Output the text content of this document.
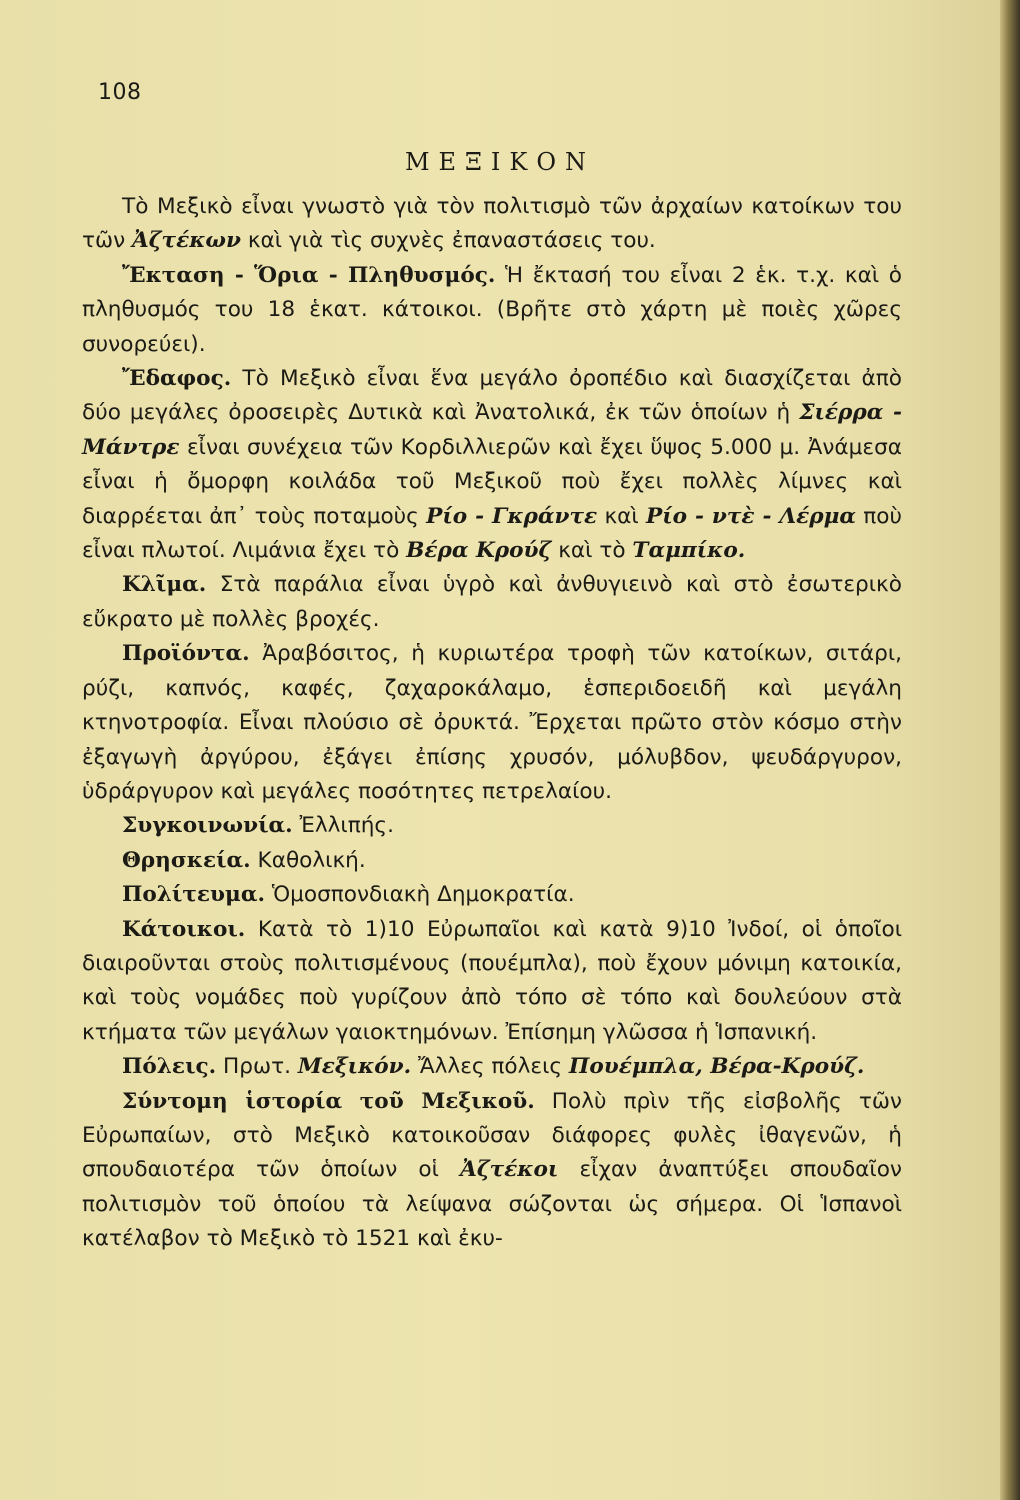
108
ΜΕΞΙΚΟΝ

Τὸ Μεξικὸ εἶναι γνωστὸ γιὰ τὸν πολιτισμὸ τῶν ἀρχαίων κατοίκων του τῶν Ἀζτέκων καὶ γιὰ τὶς συχνὲς ἐπαναστάσεις του.

Ἔκταση - Ὅρια - Πληθυσμός. Ἡ ἔκτασή του εἶναι 2 ἑκ. τ.χ. καὶ ὁ πληθυσμός του 18 ἑκατ. κάτοικοι. (Βρῆτε στὸ χάρτη μὲ ποιὲς χῶρες συνορεύει).

Ἔδαφος. Τὸ Μεξικὸ εἶναι ἕνα μεγάλο ὀροπέδιο καὶ διασχίζεται ἀπὸ δύο μεγάλες ὀροσειρὲς Δυτικὰ καὶ Ἀνατολικά, ἐκ τῶν ὁποίων ἡ Σιέρρα - Μάντρε εἶναι συνέχεια τῶν Κορδιλλιερῶν καὶ ἔχει ὕψος 5.000 μ. Ἀνάμεσα εἶναι ἡ ὄμορφη κοιλάδα τοῦ Μεξικοῦ ποὺ ἔχει πολλὲς λίμνες καὶ διαρρέεται ἀπ᾽ τοὺς ποταμοὺς Ρίο - Γκράντε καὶ Ρίο - ντὲ - Λέρμα ποὺ εἶναι πλωτοί. Λιμάνια ἔχει τὸ Βέρα Κρούζ καὶ τὸ Ταμπίκο.

Κλῖμα. Στὰ παράλια εἶναι ὑγρὸ καὶ ἀνθυγιεινὸ καὶ στὸ ἐσωτερικὸ εὔκρατο μὲ πολλὲς βροχές.

Προϊόντα. Ἀραβόσιτος, ἡ κυριωτέρα τροφὴ τῶν κατοίκων, σιτάρι, ρύζι, καπνός, καφές, ζαχαροκάλαμο, ἑσπεριδοειδῆ καὶ μεγάλη κτηνοτροφία. Εἶναι πλούσιο σὲ ὀρυκτά. Ἔρχεται πρῶτο στὸν κόσμο στὴν ἐξαγωγὴ ἀργύρου, ἐξάγει ἐπίσης χρυσόν, μόλυβδον, ψευδάργυρον, ὑδράργυρον καὶ μεγάλες ποσότητες πετρελαίου.

Συγκοινωνία. Ἐλλιπής.

Θρησκεία. Καθολική.

Πολίτευμα. Ὁμοσπονδιακὴ Δημοκρατία.

Κάτοικοι. Κατὰ τὸ 1)10 Εὐρωπαῖοι καὶ κατὰ 9)10 Ἰνδοί, οἱ ὁποῖοι διαιροῦνται στοὺς πολιτισμένους (πουέμπλα), ποὺ ἔχουν μόνιμη κατοικία, καὶ τοὺς νομάδες ποὺ γυρίζουν ἀπὸ τόπο σὲ τόπο καὶ δουλεύουν στὰ κτήματα τῶν μεγάλων γαιοκτημόνων. Ἐπίσημη γλῶσσα ἡ Ἱσπανική.

Πόλεις. Πρωτ. Μεξικόν. Ἄλλες πόλεις Πουέμπλα, Βέρα-Κρούζ.

Σύντομη ἱστορία τοῦ Μεξικοῦ. Πολὺ πρὶν τῆς εἰσβολῆς τῶν Εὐρωπαίων, στὸ Μεξικὸ κατοικοῦσαν διάφορες φυλὲς ἰθαγενῶν, ἡ σπουδαιοτέρα τῶν ὁποίων οἱ Ἀζτέκοι εἶχαν ἀναπτύξει σπουδαῖον πολιτισμὸν τοῦ ὁποίου τὰ λείψανα σώζονται ὡς σήμερα. Οἱ Ἱσπανοὶ κατέλαβον τὸ Μεξικὸ τὸ 1521 καὶ ἐκυ-
